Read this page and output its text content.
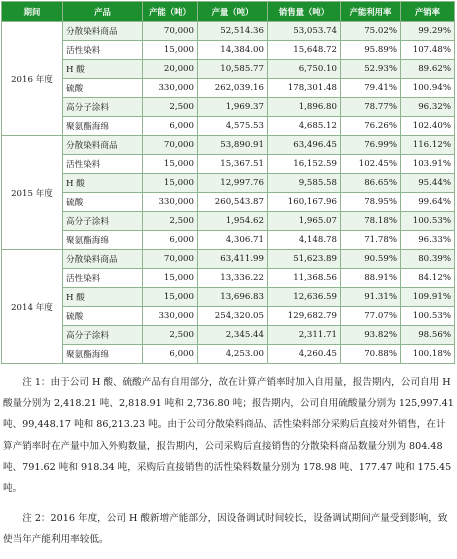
期间	产品	产能（吨）	产量（吨）	销售量（吨）	产能利用率	产销率
2016 年度	分散染料商品	70,000	52,514.36	53,053.74	75.02%	99.29%
	活性染料	15,000	14,384.00	15,648.72	95.89%	107.48%
	H 酸	20,000	10,585.77	6,750.10	52.93%	89.62%
	硫酸	330,000	262,039.16	178,301.48	79.41%	100.94%
	高分子涂料	2,500	1,969.37	1,896.80	78.77%	96.32%
	聚氨酯海绵	6,000	4,575.53	4,685.12	76.26%	102.40%
2015 年度	分散染料商品	70,000	53,890.91	63,496.45	76.99%	116.12%
	活性染料	15,000	15,367.51	16,152.59	102.45%	103.91%
	H 酸	15,000	12,997.76	9,585.58	86.65%	95.44%
	硫酸	330,000	260,543.87	160,167.96	78.95%	99.64%
	高分子涂料	2,500	1,954.62	1,965.07	78.18%	100.53%
	聚氨酯海绵	6,000	4,306.71	4,148.78	71.78%	96.33%
2014 年度	分散染料商品	70,000	63,411.99	51,623.89	90.59%	80.39%
	活性染料	15,000	13,336.22	11,368.56	88.91%	84.12%
	H 酸	15,000	13,696.83	12,636.59	91.31%	109.91%
	硫酸	330,000	254,320.05	129,682.79	77.07%	100.53%
	高分子涂料	2,500	2,345.44	2,311.71	93.82%	98.56%
	聚氨酯海绵	6,000	4,253.00	4,260.45	70.88%	100.18%

注 1：由于公司 H 酸、硫酸产品有自用部分，故在计算产销率时加入自用量，报告期内，公司自用 H 酸量分别为 2,418.21 吨、2,818.91 吨和 2,736.80 吨；报告期内，公司自用硫酸量分别为 125,997.41 吨、99,448.17 吨和 86,213.23 吨。由于公司分散染料商品、活性染料部分采购后直接对外销售，在计算产销率时在产量中加入外购数量，报告期内，公司采购后直接销售的分散染料商品数量分别为 804.48 吨、791.62 吨和 918.34 吨，采购后直接销售的活性染料数量分别为 178.98 吨、177.47 吨和 175.45 吨。

注 2：2016 年度，公司 H 酸新增产能部分，因设备调试时间较长，设备调试期间产量受到影响，致使当年产能利用率较低。
